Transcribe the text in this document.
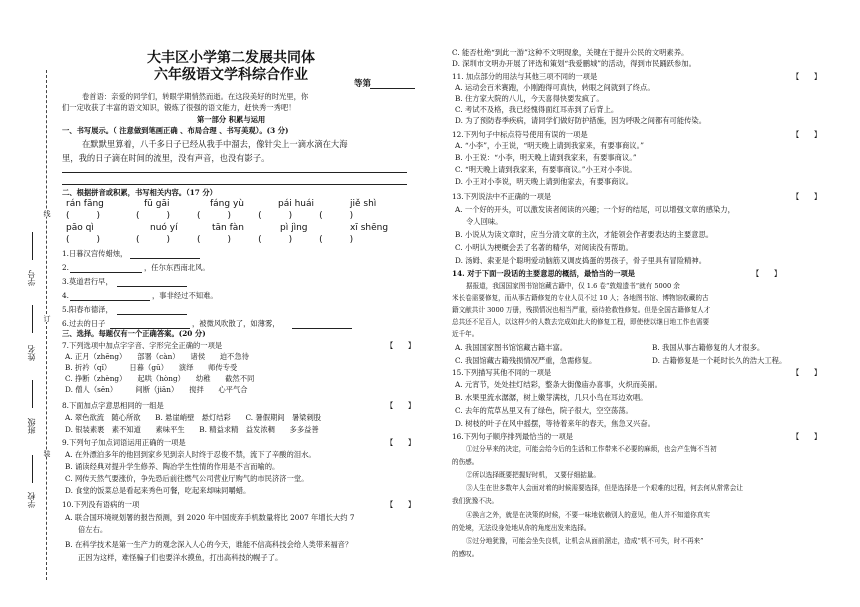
学号
姓名
班级
学校
线
订
装
大丰区小学第二发展共同体
六年级语文学科综合作业
等第
卷首语：亲爱的同学们，转眼学期悄然而逝。在这段美好的时光里，你
们一定收获了丰富的语文知识，锻炼了很强的语文能力，赶快秀一秀吧！
第一部分 积累与运用
一、书写展示。（ 注意做到笔画正确 、布局合理 、书写美观）。(3 分)
在默默里算着，八千多日子已经从我手中溜去，像针尖上一滴水滴在大海
里，我的日子滴在时间的流里，没有声音，也没有影子。
二、根据拼音或积累，书写相关内容。（17 分）
rán fāng	fū gāi	fáng yù	pái huái	jiě shì
(　　　)　　　　(　　　)　　　(　　　)　　　(　　　)　　　(　　　)
pāo qì	nuó yí	tān fàn	pì jìng	xī shēng
(　　　)　　　　(　　　)　　　(　　　)　　　(　　　)　　　(　　　)
1.日暮汉宫传蜡烛，
2.	，任尔东西南北风。
3.莫道君行早，
4.	，事非经过不知难。
5.阳春布德泽，
6.过去的日子	，被微风吹散了，如薄雾，
三、选择。每题仅有一个正确答案。(20 分)
7.下列选项中加点字字音、字形完全正确的一项是	【　　】
A. 正月（zhēng）　　部署（càn）　　诸侯　　迫不急待
B. 折衿（qǐ）　　　日暮（gū）　　演绎　　师传专受
C. 挣断（zhèng）　　起哄（hòng）　　幼稚　　截然不同
D. 僧人（sēn）　　　间断（jiān）　　搅拌　　心平气合
8.下面加点字意思相同的一组是	【　　】
A. 翠色欲流　随心所欲　　B. 悬崖峭壁　悬灯结彩　　C. 暑假期间　暑梁刺股
D. 银装素裹　素不知道　　素味平生　　B. 精益求精　益发浓稠　　多多益善
9.下列句子加点词语运用正确的一项是	【　　】
A. 在外漂泊多年的他回到家乡见到亲人时终于忍俊不禁，流下了辛酸的泪水。
B. 诵读经典对提升学生修养、陶冶学生性情的作用是不言而喻的。
C. 网传天然气要涨价，争先恐后前往燃气公司营业厅购气的市民济济一堂。
D. 食堂的饭菜总是看起来秀色可餐，吃起来却味同嚼蜡。
10.下列没有语病的一项	【　　】
A. 联合国环境规划署的报告预测，到 2020 年中国废弃手机数量将比 2007 年增长大约 7
倍左右。
B. 在科学技术是第一生产力的观念深入人心的今天，谁能不信高科技会给人类带来福音？
正因为这样，难怪骗子们也要洋水摸鱼，打出高科技的幌子了。
C. 能否杜绝“到此一游”这种不文明现象，关键在于提升公民的文明素养。
D. 深圳市文明办开展了评选和策划“我爱鹏城”的活动，得到市民踊跃参加。
11. 加点部分的用法与其他三项不同的一项是	【　　】
A. 运动会百米赛跑，小刚跑得可真快，转眼之间就到了终点。
B. 住方家大院的八儿，今天喜得快要发疯了。
C. 考试不及格，我已经愧得面红耳赤到了后背上。
D. 为了预防春季疾病，请同学们做好防护措施，因为呼吸之间都有可能传染。
12.下列句子中标点符号使用有误的一项是	【　　】
A. “小李”，小王说，“明天晚上请到我家来，有要事商议。”
B. 小王说：“小李，明天晚上请到我家来，有要事商议。”
C. “明天晚上请到我家来，有要事商议。”小王对小李说。
D. 小王对小李说，明天晚上请到他家去，有要事商议。
13.下列说法中不正确的一项是	【　　】
A. 一个好的开头，可以激发读者阅读的兴趣；一个好的结尾，可以增强文章的感染力，
令人回味。
B. 小说从为读文章时，应当分清文章的主次，才能领会作者要表达的主要意思。
C. 小明认为梗概会丢了名著的精华，对阅读没有帮助。
D. 汤姆、索亚是个聪明爱动脑筋又调皮捣蛋的男孩子，骨子里具有冒险精神。
14. 对于下面一段话的主要意思的概括，最恰当的一项是	【　　】
据报道，我国国家图书馆馆藏古籍中，仅 1.6 卷“敦煌遗书”就有 5000 余
米长卷需要修复，而从事古籍修复的专业人员不过 10 人；各地图书馆、博物馆收藏的古
籍文献共计 3000 万册，残损情况也相当严重，亟待抢救性修复。但是全国古籍修复人才
总共还不足百人，以这样少的人数去完成如此大的修复工程，即使使以继日地工作也需要
近千年。
A. 我国国家图书馆馆藏古籍丰富。	B. 我国从事古籍修复的人才很多。
C. 我国馆藏古籍残损情况严重，急需修复。	D. 古籍修复是一个耗时长久的浩大工程。
15.下列描写其他不同的一项是	【　　】
A. 元宵节，处处挂灯结彩，整条大街像庙办喜事，火炽而美丽。
B. 水果里流水潺潺，树上嫩芽满枝，几只小鸟在耳边欢唱。
C. 去年的荒草丛里又有了绿色，院子很大，空空荡荡。
D. 树枝的叶子在风中摇摆，等待着来年的春天，焦急又兴奋。
16.下列句子顺序排列最恰当的一项是	【　　】
①过分早来的决定，可能会给今后的生活和工作带来不必要的麻烦，也会产生悔不当初
的伤感。
②所以选择既要把握好时机， 又要仔细掂量。
③人生在世多数年人会面对着的时候需要选择，但是选择是一个艰难的过程，何去何从常常会让
我们犹豫不决。
④换言之外，就是在决策的时候，不要一味地依赖别人的意见，他人并不知道你真实
的处境，无法设身处地从你的角度出发来选择。
⑤过分地犹豫，可能会坐失良机，让机会从面前溜走，造成“机不可失，时不再来”
的感叹。
